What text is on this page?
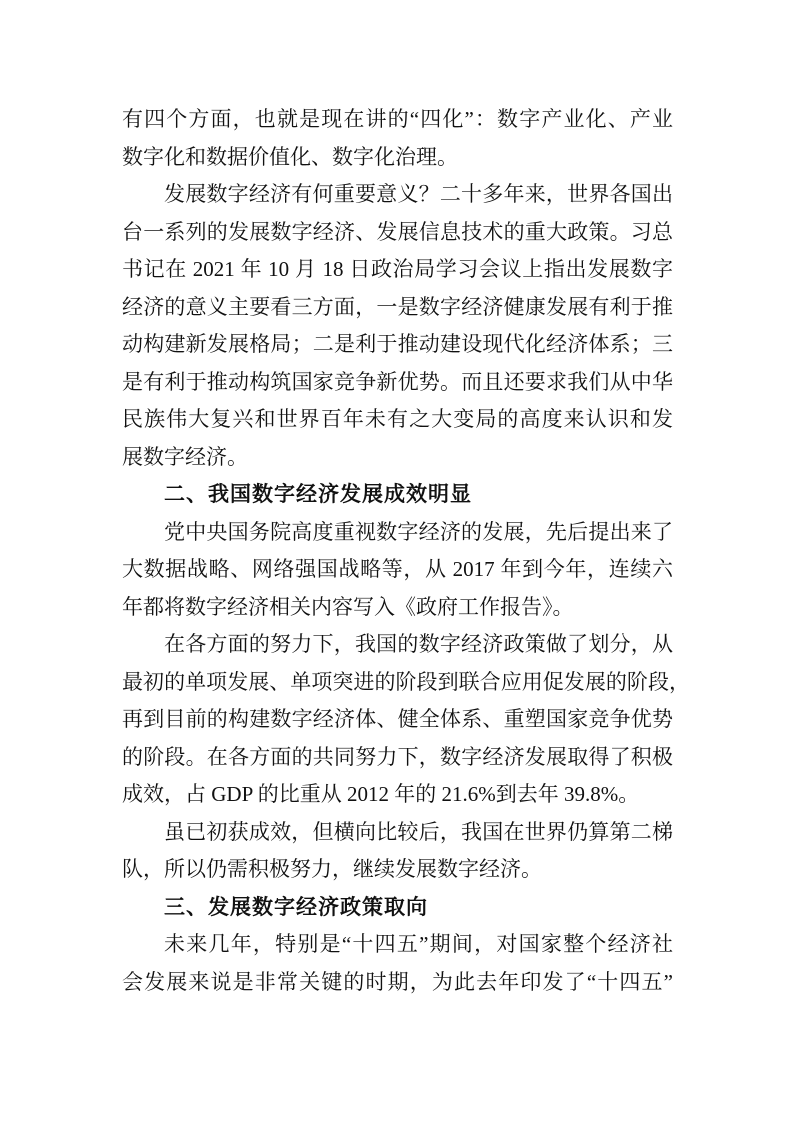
有四个方面，也就是现在讲的“四化”：数字产业化、产业
数字化和数据价值化、数字化治理。
发展数字经济有何重要意义？二十多年来，世界各国出
台一系列的发展数字经济、发展信息技术的重大政策。习总
书记在 2021 年 10 月 18 日政治局学习会议上指出发展数字
经济的意义主要看三方面，一是数字经济健康发展有利于推
动构建新发展格局；二是利于推动建设现代化经济体系；三
是有利于推动构筑国家竞争新优势。而且还要求我们从中华
民族伟大复兴和世界百年未有之大变局的高度来认识和发
展数字经济。
二、我国数字经济发展成效明显
党中央国务院高度重视数字经济的发展，先后提出来了
大数据战略、网络强国战略等，从 2017 年到今年，连续六
年都将数字经济相关内容写入《政府工作报告》。
在各方面的努力下，我国的数字经济政策做了划分，从
最初的单项发展、单项突进的阶段到联合应用促发展的阶段，
再到目前的构建数字经济体、健全体系、重塑国家竞争优势
的阶段。在各方面的共同努力下，数字经济发展取得了积极
成效，占 GDP 的比重从 2012 年的 21.6%到去年 39.8%。
虽已初获成效，但横向比较后，我国在世界仍算第二梯
队，所以仍需积极努力，继续发展数字经济。
三、发展数字经济政策取向
未来几年，特别是“十四五”期间，对国家整个经济社
会发展来说是非常关键的时期，为此去年印发了“十四五”
